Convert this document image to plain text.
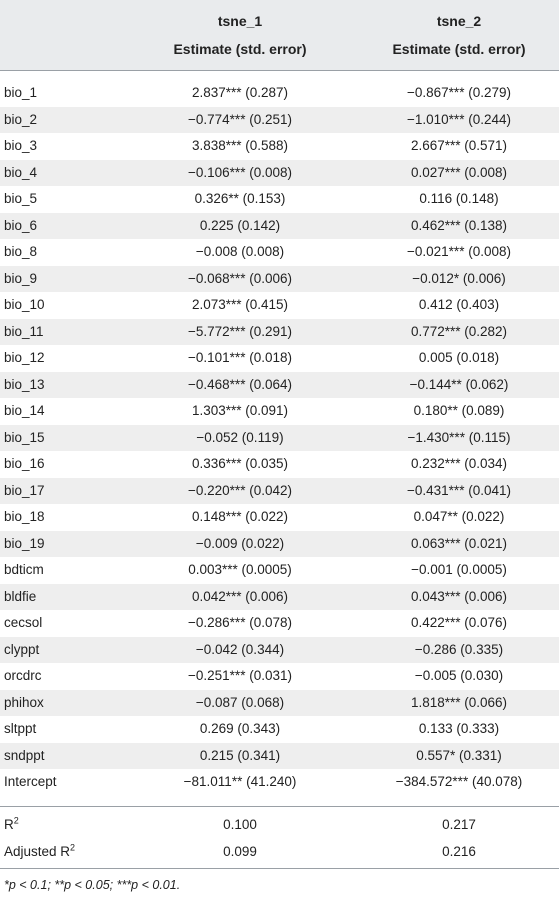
tsne_1	tsne_2
Estimate (std. error)	Estimate (std. error)
bio_1	2.837*** (0.287)	−0.867*** (0.279)
bio_2	−0.774*** (0.251)	−1.010*** (0.244)
bio_3	3.838*** (0.588)	2.667*** (0.571)
bio_4	−0.106*** (0.008)	0.027*** (0.008)
bio_5	0.326** (0.153)	0.116 (0.148)
bio_6	0.225 (0.142)	0.462*** (0.138)
bio_8	−0.008 (0.008)	−0.021*** (0.008)
bio_9	−0.068*** (0.006)	−0.012* (0.006)
bio_10	2.073*** (0.415)	0.412 (0.403)
bio_11	−5.772*** (0.291)	0.772*** (0.282)
bio_12	−0.101*** (0.018)	0.005 (0.018)
bio_13	−0.468*** (0.064)	−0.144** (0.062)
bio_14	1.303*** (0.091)	0.180** (0.089)
bio_15	−0.052 (0.119)	−1.430*** (0.115)
bio_16	0.336*** (0.035)	0.232*** (0.034)
bio_17	−0.220*** (0.042)	−0.431*** (0.041)
bio_18	0.148*** (0.022)	0.047** (0.022)
bio_19	−0.009 (0.022)	0.063*** (0.021)
bdticm	0.003*** (0.0005)	−0.001 (0.0005)
bldfie	0.042*** (0.006)	0.043*** (0.006)
cecsol	−0.286*** (0.078)	0.422*** (0.076)
clyppt	−0.042 (0.344)	−0.286 (0.335)
orcdrc	−0.251*** (0.031)	−0.005 (0.030)
phihox	−0.087 (0.068)	1.818*** (0.066)
sltppt	0.269 (0.343)	0.133 (0.333)
sndppt	0.215 (0.341)	0.557* (0.331)
Intercept	−81.011** (41.240)	−384.572*** (40.078)
$R^2$	0.100	0.217
Adjusted $R^2$	0.099	0.216
*p < 0.1; **p < 0.05; ***p < 0.01.
